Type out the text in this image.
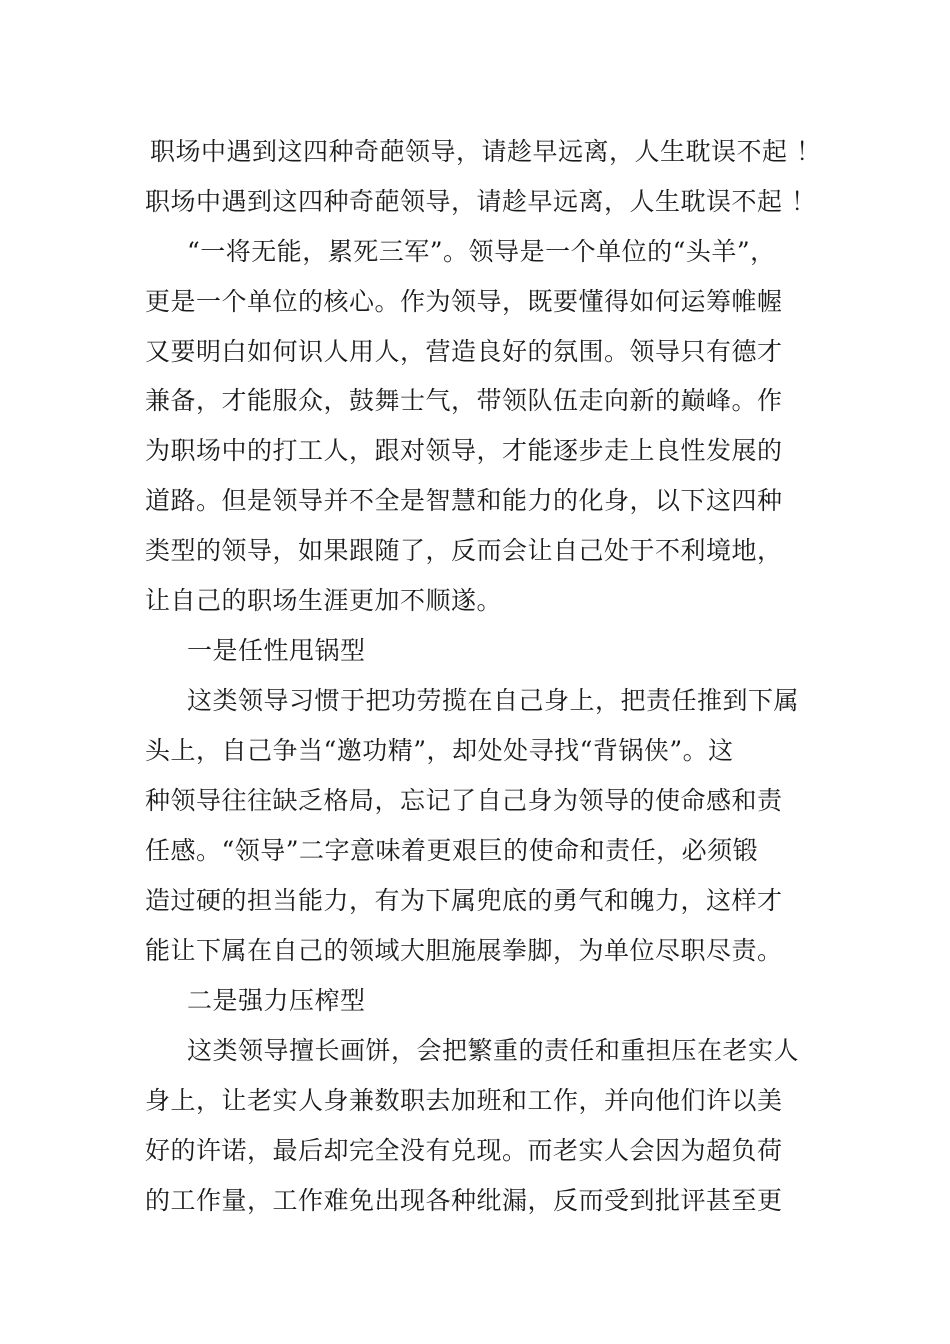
职场中遇到这四种奇葩领导，请趁早远离，人生耽误不起 ！
职场中遇到这四种奇葩领导，请趁早远离，人生耽误不起 ！
“一将无能，累死三军”。领导是一个单位的“头羊”，
更是一个单位的核心。作为领导，既要懂得如何运筹帷幄
又要明白如何识人用人，营造良好的氛围。领导只有德才
兼备，才能服众，鼓舞士气，带领队伍走向新的巅峰。作
为职场中的打工人，跟对领导，才能逐步走上良性发展的
道路。但是领导并不全是智慧和能力的化身，以下这四种
类型的领导，如果跟随了，反而会让自己处于不利境地，
让自己的职场生涯更加不顺遂。
一是任性甩锅型
这类领导习惯于把功劳揽在自己身上，把责任推到下属
头上，自己争当“邀功精”，却处处寻找“背锅侠”。这
种领导往往缺乏格局，忘记了自己身为领导的使命感和责
任感。“领导”二字意味着更艰巨的使命和责任，必须锻
造过硬的担当能力，有为下属兜底的勇气和魄力，这样才
能让下属在自己的领域大胆施展拳脚，为单位尽职尽责。
二是强力压榨型
这类领导擅长画饼，会把繁重的责任和重担压在老实人
身上，让老实人身兼数职去加班和工作，并向他们许以美
好的许诺，最后却完全没有兑现。而老实人会因为超负荷
的工作量，工作难免出现各种纰漏，反而受到批评甚至更
